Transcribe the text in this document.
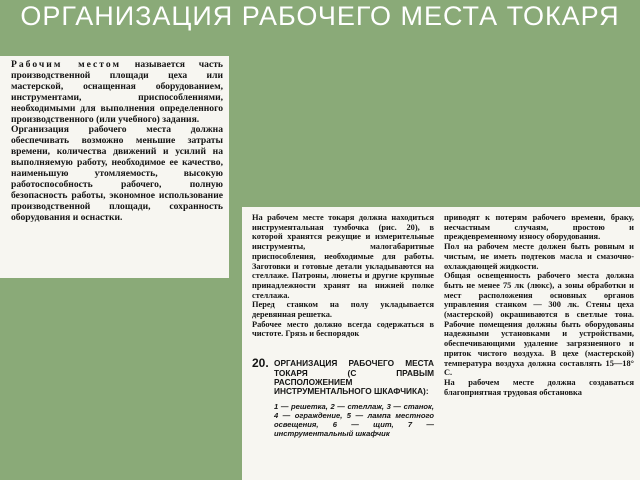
ОРГАНИЗАЦИЯ РАБОЧЕГО МЕСТА ТОКАРЯ

Рабочим местом называется часть производственной площади цеха или мастерской, оснащенная оборудованием, инструментами, приспособлениями, необходимыми для выполнения определенного производственного (или учебного) задания.

Организация рабочего места должна обеспечивать возможно меньшие затраты времени, количества движений и усилий на выполняемую работу, необходимое ее качество, наименьшую утомляемость, высокую работоспособность рабочего, полную безопасность работы, экономное использование производственной площади, сохранность оборудования и оснастки.	На рабочем месте токаря должна находиться инструментальная тумбочка (рис. 20), в которой хранятся режущие и измерительные инструменты, малогабаритные приспособления, необходимые для работы. Заготовки и готовые детали укладываются на стеллаже. Патроны, люнеты и другие крупные принадлежности хранят на нижней полке стеллажа.

Перед станком на полу укладывается деревянная решетка.

Рабочее место должно всегда содержаться в чистоте. Грязь и беспорядок

20. ОРГАНИЗАЦИЯ РАБОЧЕГО МЕСТА ТОКАРЯ (С ПРАВЫМ РАСПОЛОЖЕНИЕМ ИНСТРУМЕНТАЛЬНОГО ШКАФЧИКА):
1 — решетка, 2 — стеллаж, 3 — станок, 4 — ограждение, 5 — лампа местного освещения, 6 — щит, 7 — инструментальный шкафчик

приводят к потерям рабочего времени, браку, несчастным случаям, простою и преждевременному износу оборудования.

Пол на рабочем месте должен быть ровным и чистым, не иметь подтеков масла и смазочно-охлаждающей жидкости.

Общая освещенность рабочего места должна быть не менее 75 лк (люкс), а зоны обработки и мест расположения основных органов управления станком — 300 лк. Стены цеха (мастерской) окрашиваются в светлые тона. Рабочие помещения должны быть оборудованы надежными установками и устройствами, обеспечивающими удаление загрязненного и приток чистого воздуха. В цехе (мастерской) температура воздуха должна составлять 15—18° С.

На рабочем месте должна создаваться благоприятная трудовая обстановка
